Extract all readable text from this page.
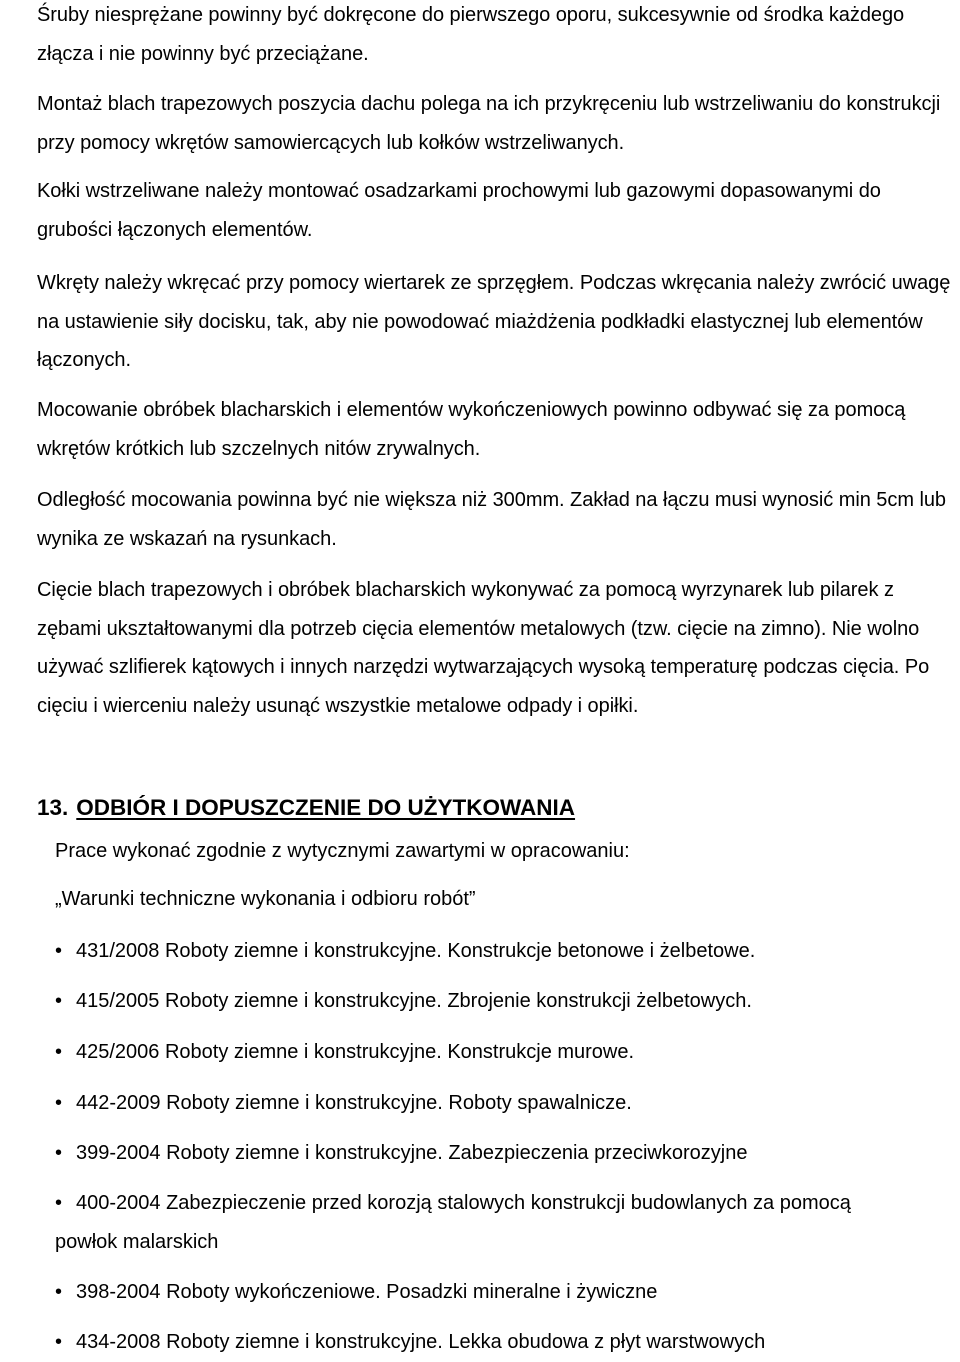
Śruby niesprężane powinny być dokręcone do pierwszego oporu, sukcesywnie od środka każdego złącza i nie powinny być przeciążane.

Montaż blach trapezowych poszycia dachu polega na ich przykręceniu lub wstrzeliwaniu do konstrukcji przy pomocy wkrętów samowiercących lub kołków wstrzeliwanych.

Kołki wstrzeliwane należy montować osadzarkami prochowymi lub gazowymi dopasowanymi do grubości łączonych elementów.

Wkręty należy wkręcać przy pomocy wiertarek ze sprzęgłem. Podczas wkręcania należy zwrócić uwagę na ustawienie siły docisku, tak, aby nie powodować miażdżenia podkładki elastycznej lub elementów łączonych.

Mocowanie obróbek blacharskich i elementów wykończeniowych powinno odbywać się za pomocą wkrętów krótkich lub szczelnych nitów zrywalnych.

Odległość mocowania powinna być nie większa niż 300mm. Zakład na łączu musi wynosić min 5cm lub wynika ze wskazań na rysunkach.

Cięcie blach trapezowych i obróbek blacharskich wykonywać za pomocą wyrzynarek lub pilarek z zębami ukształtowanymi dla potrzeb cięcia elementów metalowych (tzw. cięcie na zimno). Nie wolno używać szlifierek kątowych i innych narzędzi wytwarzających wysoką temperaturę podczas cięcia. Po cięciu i wierceniu należy usunąć wszystkie metalowe odpady i opiłki.

13. ODBIÓR I DOPUSZCZENIE DO UŻYTKOWANIA

Prace wykonać zgodnie z wytycznymi zawartymi w opracowaniu:

„Warunki techniczne wykonania i odbioru robót”

• 431/2008 Roboty ziemne i konstrukcyjne. Konstrukcje betonowe i żelbetowe.
• 415/2005 Roboty ziemne i konstrukcyjne. Zbrojenie konstrukcji żelbetowych.
• 425/2006 Roboty ziemne i konstrukcyjne. Konstrukcje murowe.
• 442-2009 Roboty ziemne i konstrukcyjne. Roboty spawalnicze.
• 399-2004 Roboty ziemne i konstrukcyjne. Zabezpieczenia przeciwkorozyjne
• 400-2004 Zabezpieczenie przed korozją stalowych konstrukcji budowlanych za pomocą
powłok malarskich
• 398-2004 Roboty wykończeniowe. Posadzki mineralne i żywiczne
• 434-2008 Roboty ziemne i konstrukcyjne. Lekka obudowa z płyt warstwowych
